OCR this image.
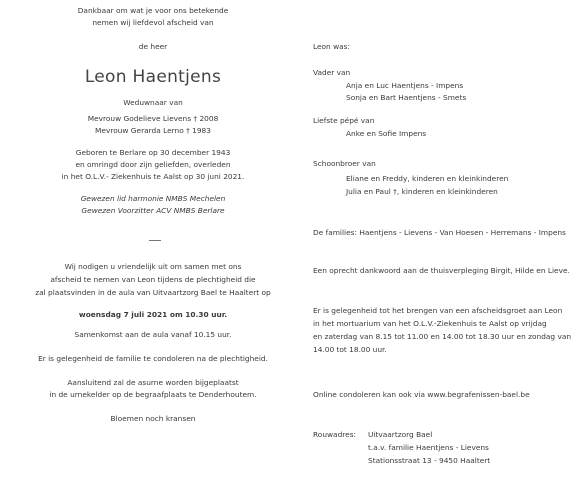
Dankbaar om wat je voor ons betekende
nemen wij liefdevol afscheid van
de heer
Leon Haentjens
Weduwnaar van
Mevrouw Godelieve Lievens † 2008
Mevrouw Gerarda Lerno † 1983
Geboren te Berlare op 30 december 1943
en omringd door zijn geliefden, overleden
in het O.L.V.- Ziekenhuis te Aalst op 30 juni 2021.
Gewezen lid harmonie NMBS Mechelen
Gewezen Voorzitter ACV NMBS Berlare
Wij nodigen u vriendelijk uit om samen met ons
afscheid te nemen van Leon tijdens de plechtigheid die
zal plaatsvinden in de aula van Uitvaartzorg Bael te Haaltert op
woensdag 7 juli 2021 om 10.30 uur.
Samenkomst aan de aula vanaf 10.15 uur.
Er is gelegenheid de familie te condoleren na de plechtigheid.
Aansluitend zal de asurne worden bijgeplaatst
in de urnekelder op de begraafplaats te Denderhoutem.
Bloemen noch kransen
Leon was:
Vader van
Anja en Luc Haentjens - Impens
Sonja en Bart Haentjens - Smets
Liefste pépé van
Anke en Sofie Impens
Schoonbroer van
Eliane en Freddy, kinderen en kleinkinderen
Julia en Paul †, kinderen en kleinkinderen
De families: Haentjens - Lievens - Van Hoesen - Herremans - Impens
Een oprecht dankwoord aan de thuisverpleging Birgit, Hilde en Lieve.
Er is gelegenheid tot het brengen van een afscheidsgroet aan Leon
in het mortuarium van het O.L.V.-Ziekenhuis te Aalst op vrijdag
en zaterdag van 8.15 tot 11.00 en 14.00 tot 18.30 uur en zondag van
14.00 tot 18.00 uur.
Online condoleren kan ook via www.begrafenissen-bael.be
Rouwadres: Uitvaartzorg Bael
t.a.v. familie Haentjens - Lievens
Stationsstraat 13 - 9450 Haaltert
